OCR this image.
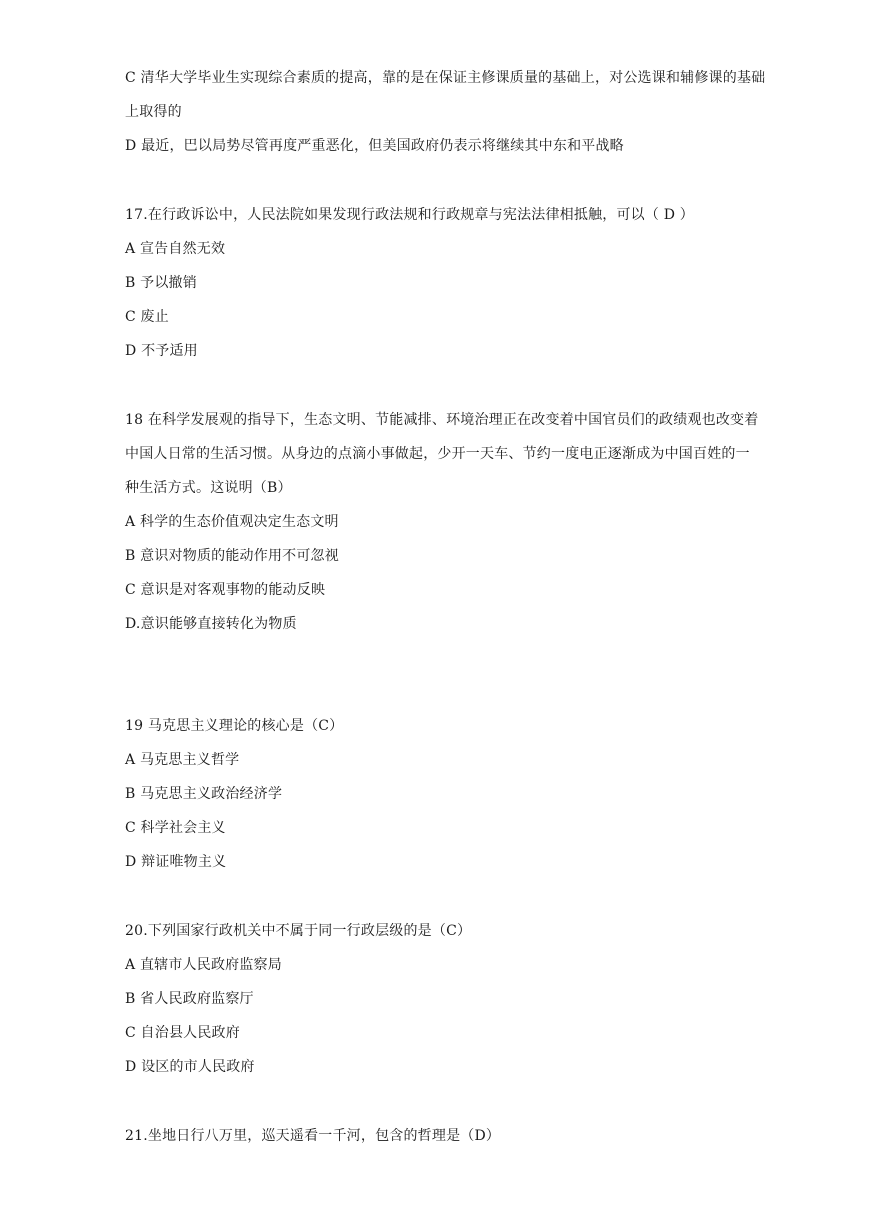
C 清华大学毕业生实现综合素质的提高，靠的是在保证主修课质量的基础上，对公选课和辅修课的基础
上取得的
D 最近，巴以局势尽管再度严重恶化，但美国政府仍表示将继续其中东和平战略
17.在行政诉讼中，人民法院如果发现行政法规和行政规章与宪法法律相抵触，可以（ D ）
A 宣告自然无效
B 予以撤销
C 废止
D 不予适用
18 在科学发展观的指导下，生态文明、节能减排、环境治理正在改变着中国官员们的政绩观也改变着
中国人日常的生活习惯。从身边的点滴小事做起，少开一天车、节约一度电正逐渐成为中国百姓的一
种生活方式。这说明（B）
A 科学的生态价值观决定生态文明
B 意识对物质的能动作用不可忽视
C 意识是对客观事物的能动反映
D.意识能够直接转化为物质
19 马克思主义理论的核心是（C）
A 马克思主义哲学
B 马克思主义政治经济学
C 科学社会主义
D 辩证唯物主义
20.下列国家行政机关中不属于同一行政层级的是（C）
A 直辖市人民政府监察局
B 省人民政府监察厅
C 自治县人民政府
D 设区的市人民政府
21.坐地日行八万里，巡天遥看一千河，包含的哲理是（D）
